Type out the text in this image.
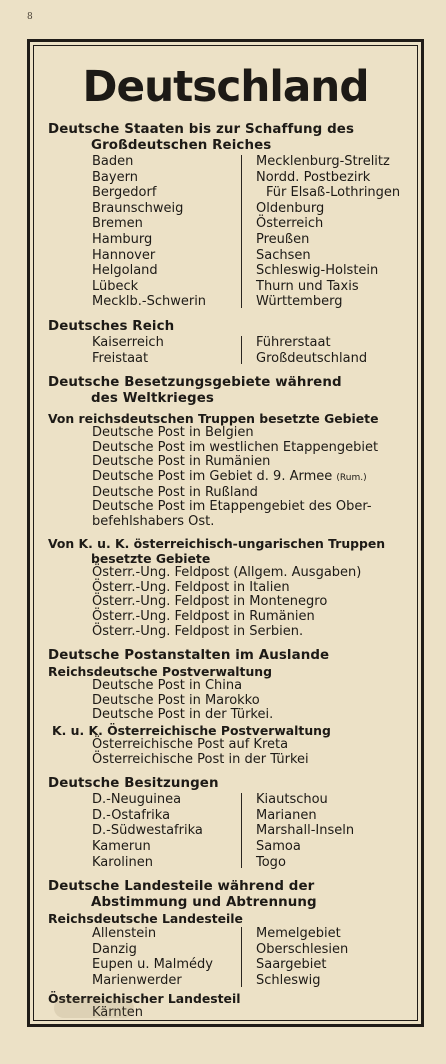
8
Deutschland
Deutsche Staaten bis zur Schaffung des
Großdeutschen Reiches
Baden
Bayern
Bergedorf
Braunschweig
Bremen
Hamburg
Hannover
Helgoland
Lübeck
Mecklb.-Schwerin
Mecklenburg-Strelitz
Nordd. Postbezirk
Für Elsaß-Lothringen
Oldenburg
Österreich
Preußen
Sachsen
Schleswig-Holstein
Thurn und Taxis
Württemberg
Deutsches Reich
Kaiserreich
Freistaat
Führerstaat
Großdeutschland
Deutsche Besetzungsgebiete während
des Weltkrieges
Von reichsdeutschen Truppen besetzte Gebiete
Deutsche Post in Belgien
Deutsche Post im westlichen Etappengebiet
Deutsche Post in Rumänien
Deutsche Post im Gebiet d. 9. Armee (Rum.)
Deutsche Post in Rußland
Deutsche Post im Etappengebiet des Ober-
befehlshabers Ost.
Von K. u. K. österreichisch-ungarischen Truppen
besetzte Gebiete
Österr.-Ung. Feldpost (Allgem. Ausgaben)
Österr.-Ung. Feldpost in Italien
Österr.-Ung. Feldpost in Montenegro
Österr.-Ung. Feldpost in Rumänien
Österr.-Ung. Feldpost in Serbien.
Deutsche Postanstalten im Auslande
Reichsdeutsche Postverwaltung
Deutsche Post in China
Deutsche Post in Marokko
Deutsche Post in der Türkei.
K. u. K. Österreichische Postverwaltung
Österreichische Post auf Kreta
Österreichische Post in der Türkei
Deutsche Besitzungen
D.-Neuguinea
D.-Ostafrika
D.-Südwestafrika
Kamerun
Karolinen
Kiautschou
Marianen
Marshall-Inseln
Samoa
Togo
Deutsche Landesteile während der
Abstimmung und Abtrennung
Reichsdeutsche Landesteile
Allenstein
Danzig
Eupen u. Malmédy
Marienwerder
Memelgebiet
Oberschlesien
Saargebiet
Schleswig
Österreichischer Landesteil
Kärnten
